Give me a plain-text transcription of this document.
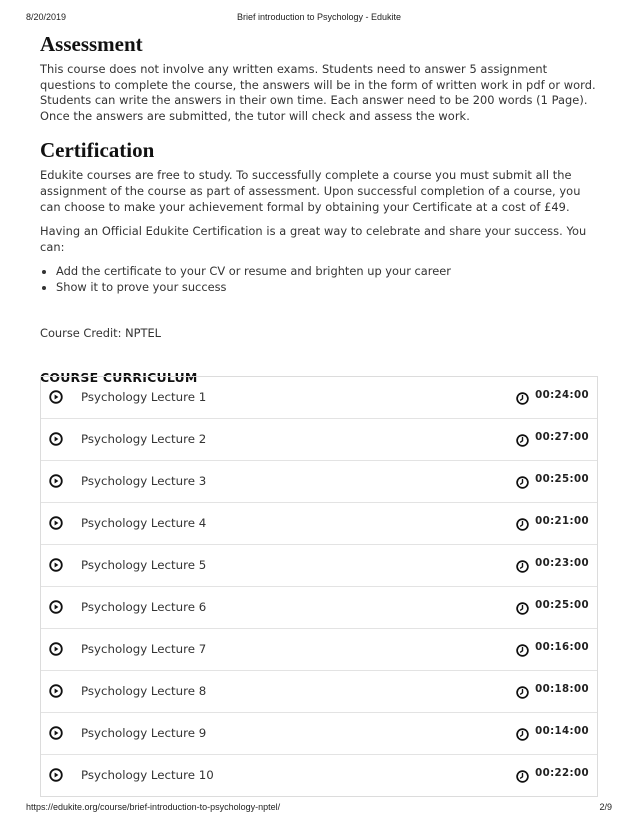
8/20/2019	Brief introduction to Psychology - Edukite
Assessment

This course does not involve any written exams. Students need to answer 5 assignment questions to complete the course, the answers will be in the form of written work in pdf or word. Students can write the answers in their own time. Each answer need to be 200 words (1 Page). Once the answers are submitted, the tutor will check and assess the work.

Certification

Edukite courses are free to study. To successfully complete a course you must submit all the assignment of the course as part of assessment. Upon successful completion of a course, you can choose to make your achievement formal by obtaining your Certificate at a cost of £49.

Having an Official Edukite Certification is a great way to celebrate and share your success. You can:

• Add the certificate to your CV or resume and brighten up your career
• Show it to prove your success
Course Credit: NPTEL
COURSE CURRICULUM
Psychology Lecture 1	00:24:00
Psychology Lecture 2	00:27:00
Psychology Lecture 3	00:25:00
Psychology Lecture 4	00:21:00
Psychology Lecture 5	00:23:00
Psychology Lecture 6	00:25:00
Psychology Lecture 7	00:16:00
Psychology Lecture 8	00:18:00
Psychology Lecture 9	00:14:00
Psychology Lecture 10	00:22:00
https://edukite.org/course/brief-introduction-to-psychology-nptel/	2/9
